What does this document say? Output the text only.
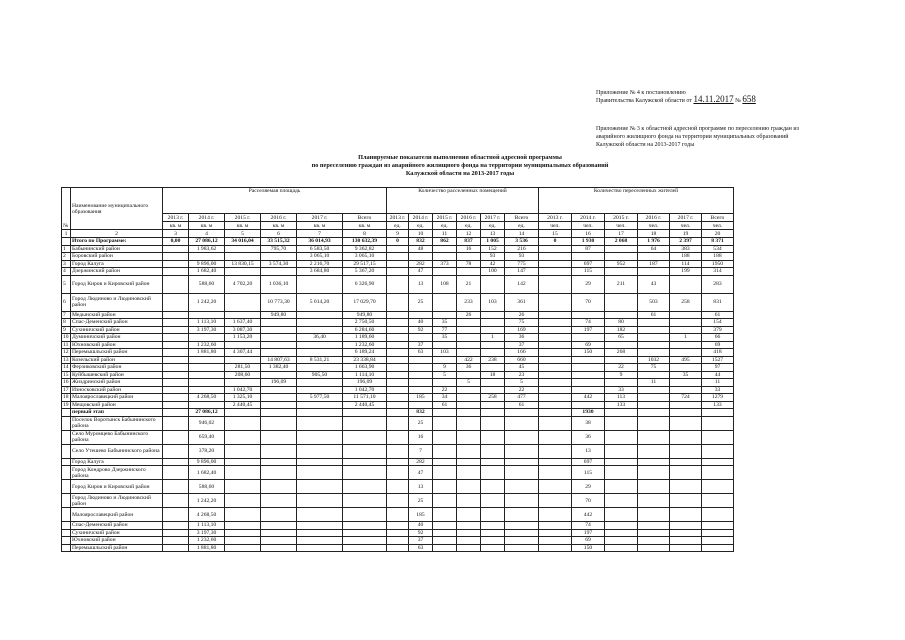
Приложение № 4 к постановлению
Правительства Калужской области от 14.11.2017 № 658
Приложение № 3 к областной адресной программе по переселению граждан из
аварийного жилищного фонда на территории муниципальных образований
Калужской области на 2013-2017 годы
Планируемые показатели выполнения областной адресной программы
по переселению граждан из аварийного жилищного фонда на территории муниципальных образований
Калужской области на 2013-2017 годы
№	Наименование муниципального образования	Расселяемая площадь						Количество расселенных помещений						Количество переселенных жителей					
		2013 г.	2014 г.	2015 г.	2016 г.	2017 г.	Всего	2013 г.	2014 г.	2015 г.	2016 г.	2017 г.	Всего	2013 г.	2014 г.	2015 г.	2016 г.	2017 г.	Всего
		кв. м	кв. м	кв. м	кв. м	кв. м	кв. м	ед.	ед.	ед.	ед.	ед.	ед.	чел.	чел.	чел.	чел.	чел.	чел.
1	2	3	4	5	6	7	8	9	10	11	12	13	14	15	16	17	18	19	20
	Итого по Программе:	0,00	27 086,12	34 016,04	33 515,32	36 014,93	130 632,39	0	832	862	837	1 005	3 536	0	1 930	2 068	1 976	2 397	8 371
1	Бабынинский район		1 983,62		795,70	6 583,50	9 362,82		48		16	152	216		87		64	383	534
2	Боровский район					3 065,10	3 065,10					93	93					188	188
3	Город Калуга		9 896,00	13 830,15	3 574,30	2 216,70	29 517,15		282	373	78	42	775		697	952	187	114	1950
4	Дзержинский район		1 682,40			3 684,80	5 367,20		47			100	147		115			199	314
5	Город Киров и Кировский район		588,60	4 702,20	1 036,10		6 326,90		13	108	21		142		29	211	43		283
6	Город Людиново и Людиновский район		1 242,20		10 773,30	5 014,20	17 029,70		25		233	103	361		70		503	258	831
7	Медынский район				949,80		949,80				26		26				61		61
8	Спас-Деменский район		1 113,10	1 637,40			2 750,50		40	35			75		74	80			154
9	Сухиничский район		3 197,30	3 087,30			6 284,60		92	77			169		197	182			379
10	Думиничский район			1 153,20		36,40	1 189,60			35		1	36			65		1	66
11	Юхновский район		1 232,60				1 232,60		37				37		69				69
12	Перемышльский район		1 881,80	4 307,44			6 189,24		63	103			166		150	268			418
13	Козельский район				14 807,63	8 531,21	23 338,84				422	238	660				1032	495	1527
14	Ферзиковский район			281,50	1 382,40		1 663,90			9	36		45			22	75		97
15	Куйбышевский район			208,60		905,50	1 114,10			5		18	23			9		35	44
16	Жиздринский район				196,09		196,09				5		5				11		11
17	Износковский район			1 042,70			1 042,70			22			22			33			33
18	Малоярославецкий район		4 268,50	1 325,10		5 977,50	11 571,10		185	34		258	477		442	113		724	1279
19	Мещовский район			2 440,45			2 440,45			61			61			133			133
	первый этап		27 086,12						832						1930				
	Поселок Воротынск Бабынинского района		946,02						25						38				
	Село Муромцево Бабынинского района		659,40						16						36				
	Село Утешево Бабынинского района		378,20						7						13				
	Город Калуга		9 896,00						282						697				
	Город Кондрово Дзержинского района		1 682,40						47						115				
	Город Киров и Кировский район		588,60						13						29				
	Город Людиново и Людиновский район		1 242,20						25						70				
	Малоярославецкий район		4 268,50						185						442				
	Спас-Деменский район		1 113,10						40						74				
	Сухиничский район		3 197,30						92						197				
	Юхновский район		1 232,60						37						69				
	Перемышльский район		1 881,80						63						150				
